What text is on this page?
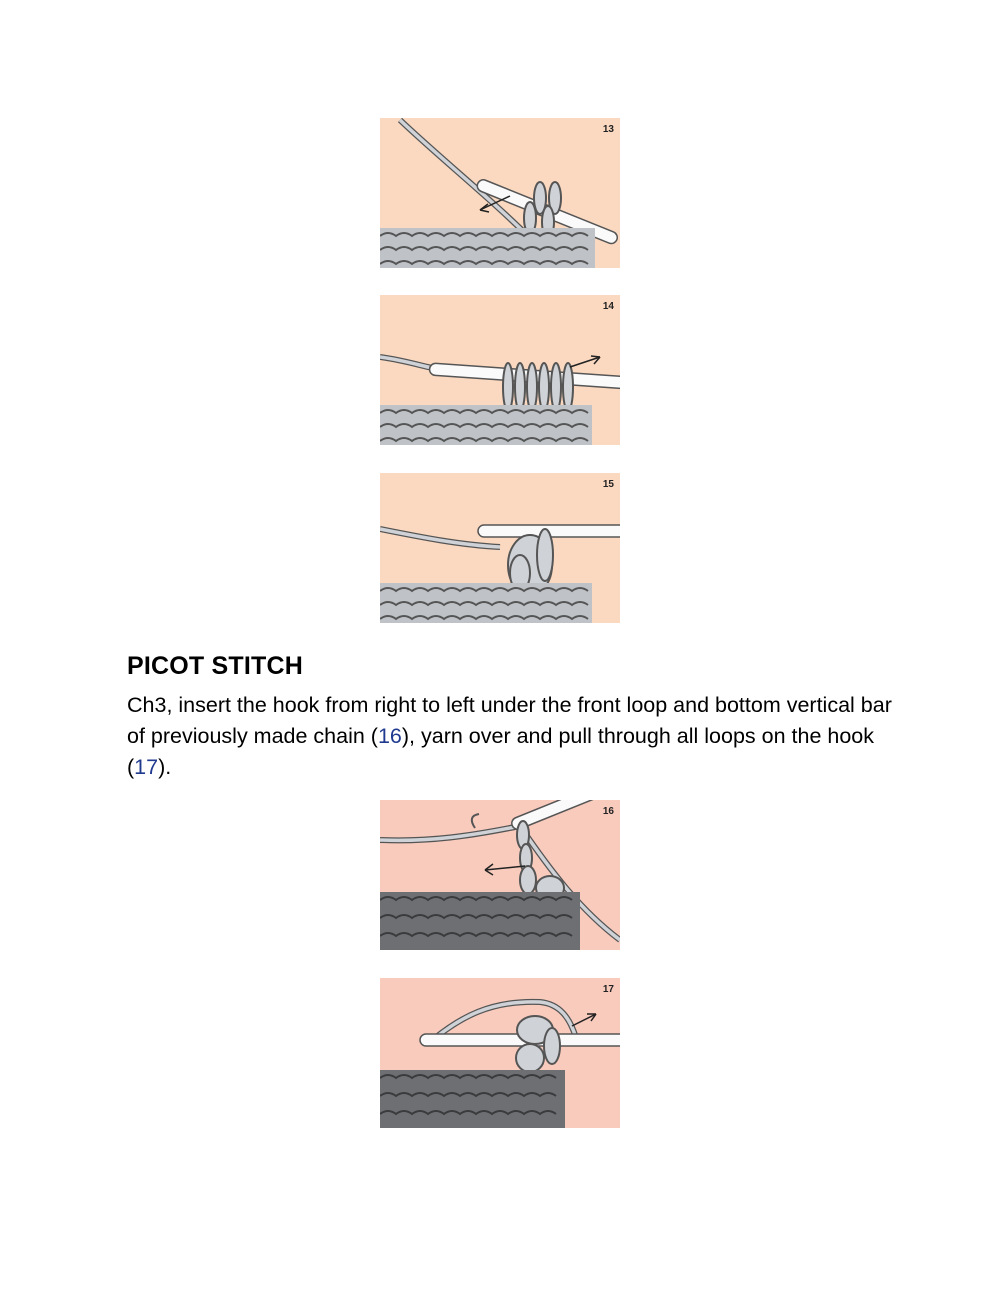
13
14
15
PICOT STITCH

Ch3, insert the hook from right to left under the front loop and bottom vertical bar of previously made chain (16), yarn over and pull through all loops on the hook (17).

16
17
